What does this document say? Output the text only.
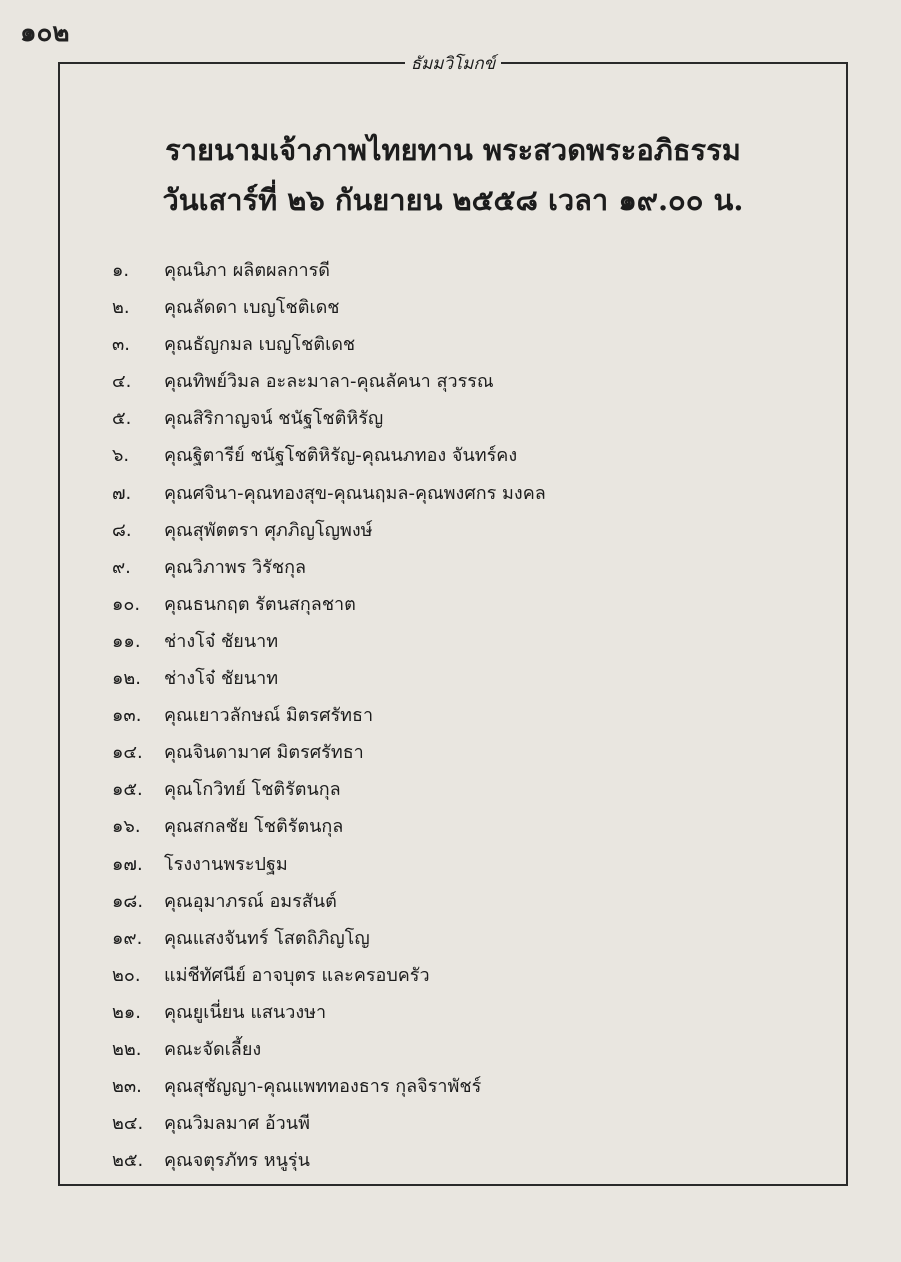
๑๐๒
ธัมมวิโมกข์
รายนามเจ้าภาพไทยทาน พระสวดพระอภิธรรม
วันเสาร์ที่ ๒๖ กันยายน ๒๕๕๘ เวลา ๑๙.๐๐ น.
๑. คุณนิภา ผลิตผลการดี
๒. คุณลัดดา เบญโชติเดช
๓. คุณธัญกมล เบญโชติเดช
๔. คุณทิพย์วิมล อะละมาลา-คุณลัคนา สุวรรณ
๕. คุณสิริกาญจน์ ชนัฐโชติหิรัญ
๖. คุณฐิตารีย์ ชนัฐโชติหิรัญ-คุณนภทอง จันทร์คง
๗. คุณศจินา-คุณทองสุข-คุณนฤมล-คุณพงศกร มงคล
๘. คุณสุพัตตรา ศุภภิญโญพงษ์
๙. คุณวิภาพร วิรัชกุล
๑๐. คุณธนกฤต รัตนสกุลชาต
๑๑. ช่างโจ๋ ชัยนาท
๑๒. ช่างโจ๋ ชัยนาท
๑๓. คุณเยาวลักษณ์ มิตรศรัทธา
๑๔. คุณจินดามาศ มิตรศรัทธา
๑๕. คุณโกวิทย์ โชติรัตนกุล
๑๖. คุณสกลชัย โชติรัตนกุล
๑๗. โรงงานพระปฐม
๑๘. คุณอุมาภรณ์ อมรสันต์
๑๙. คุณแสงจันทร์ โสตถิภิญโญ
๒๐. แม่ชีทัศนีย์ อาจบุตร และครอบครัว
๒๑. คุณยูเนี่ยน แสนวงษา
๒๒. คณะจัดเลี้ยง
๒๓. คุณสุชัญญา-คุณแพททองธาร กุลจิราพัชร์
๒๔. คุณวิมลมาศ อ้วนพี
๒๕. คุณจตุรภัทร หนูรุ่น
